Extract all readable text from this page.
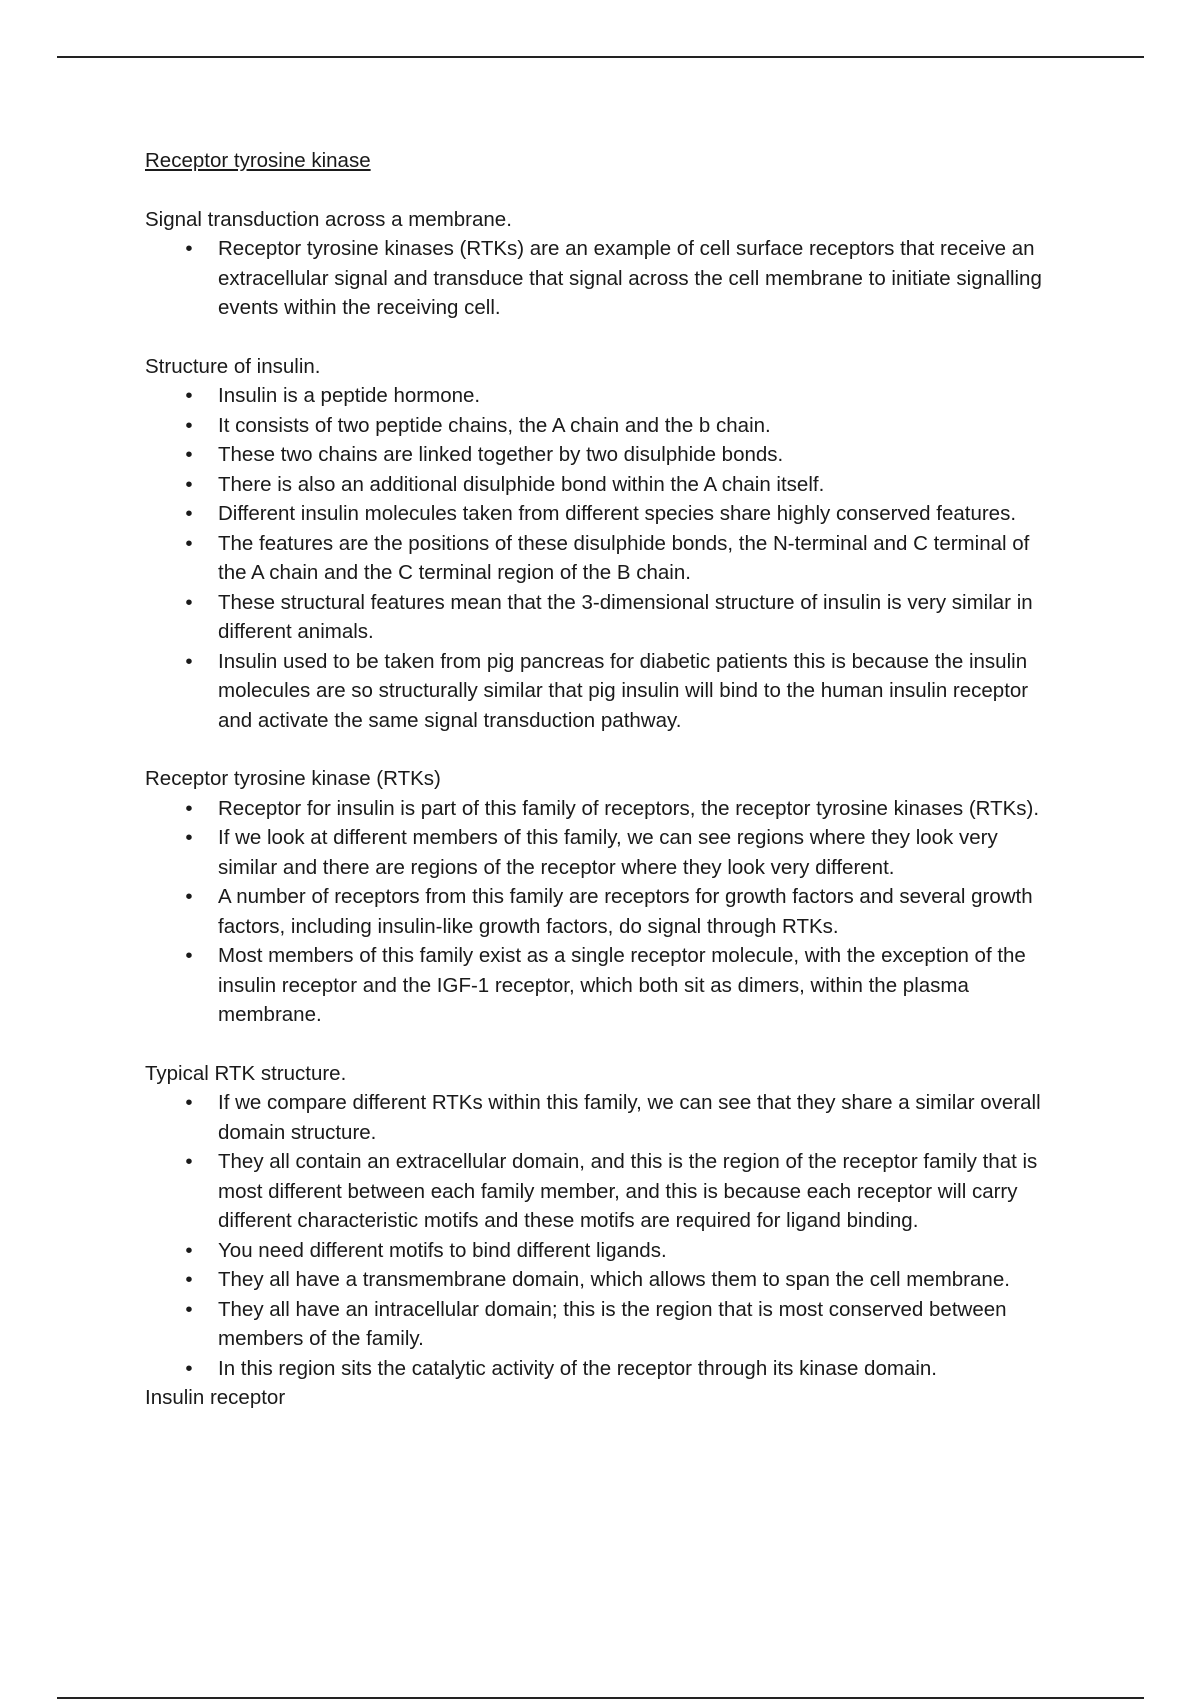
Receptor tyrosine kinase

Signal transduction across a membrane.

• Receptor tyrosine kinases (RTKs) are an example of cell surface receptors that receive an extracellular signal and transduce that signal across the cell membrane to initiate signalling events within the receiving cell.

Structure of insulin.

• Insulin is a peptide hormone.
• It consists of two peptide chains, the A chain and the b chain.
• These two chains are linked together by two disulphide bonds.
• There is also an additional disulphide bond within the A chain itself.
• Different insulin molecules taken from different species share highly conserved features.
• The features are the positions of these disulphide bonds, the N-terminal and C terminal of the A chain and the C terminal region of the B chain.
• These structural features mean that the 3-dimensional structure of insulin is very similar in different animals.
• Insulin used to be taken from pig pancreas for diabetic patients this is because the insulin molecules are so structurally similar that pig insulin will bind to the human insulin receptor and activate the same signal transduction pathway.

Receptor tyrosine kinase (RTKs)

• Receptor for insulin is part of this family of receptors, the receptor tyrosine kinases (RTKs).
• If we look at different members of this family, we can see regions where they look very similar and there are regions of the receptor where they look very different.
• A number of receptors from this family are receptors for growth factors and several growth factors, including insulin-like growth factors, do signal through RTKs.
• Most members of this family exist as a single receptor molecule, with the exception of the insulin receptor and the IGF-1 receptor, which both sit as dimers, within the plasma membrane.

Typical RTK structure.

• If we compare different RTKs within this family, we can see that they share a similar overall domain structure.
• They all contain an extracellular domain, and this is the region of the receptor family that is most different between each family member, and this is because each receptor will carry different characteristic motifs and these motifs are required for ligand binding.
• You need different motifs to bind different ligands.
• They all have a transmembrane domain, which allows them to span the cell membrane.
• They all have an intracellular domain; this is the region that is most conserved between members of the family.
• In this region sits the catalytic activity of the receptor through its kinase domain.

Insulin receptor
